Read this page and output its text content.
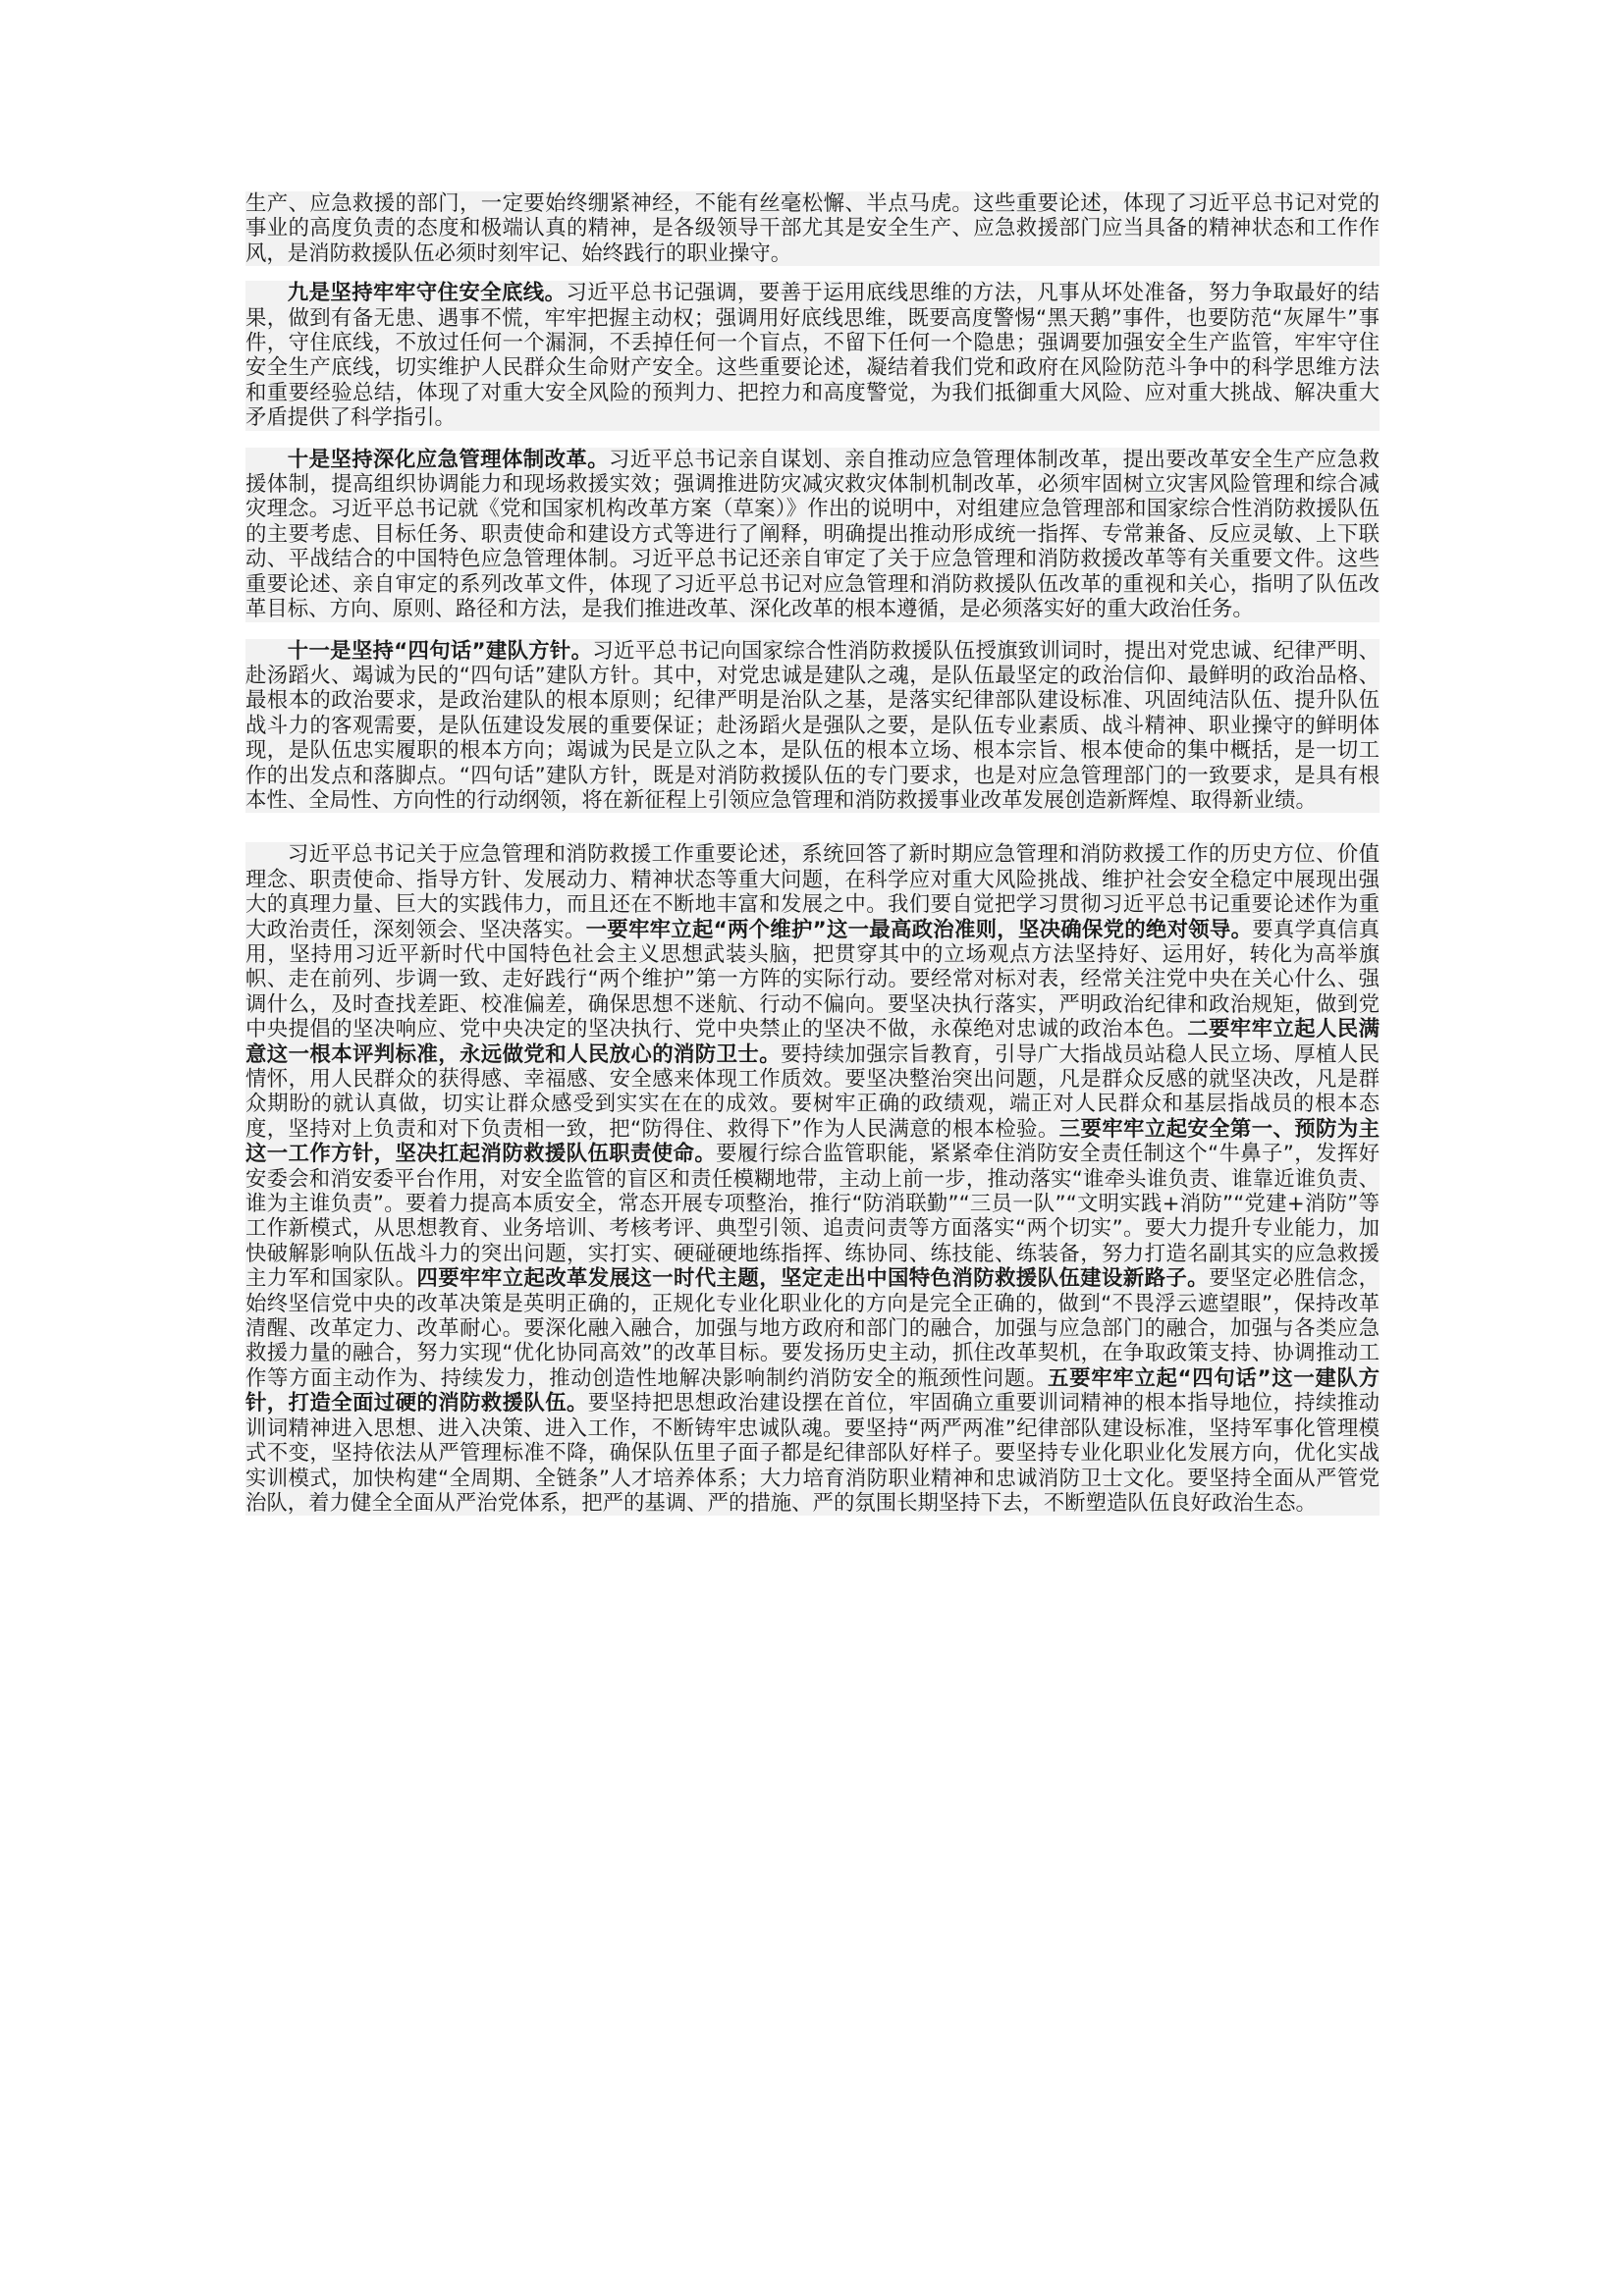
生产、应急救援的部门，一定要始终绷紧神经，不能有丝毫松懈、半点马虎。这些重要论述，体现了习近平总书记对党的事业的高度负责的态度和极端认真的精神，是各级领导干部尤其是安全生产、应急救援部门应当具备的精神状态和工作作风，是消防救援队伍必须时刻牢记、始终践行的职业操守。

九是坚持牢牢守住安全底线。习近平总书记强调，要善于运用底线思维的方法，凡事从坏处准备，努力争取最好的结果，做到有备无患、遇事不慌，牢牢把握主动权；强调用好底线思维，既要高度警惕“黑天鹅”事件，也要防范“灰犀牛”事件，守住底线，不放过任何一个漏洞，不丢掉任何一个盲点，不留下任何一个隐患；强调要加强安全生产监管，牢牢守住安全生产底线，切实维护人民群众生命财产安全。这些重要论述，凝结着我们党和政府在风险防范斗争中的科学思维方法和重要经验总结，体现了对重大安全风险的预判力、把控力和高度警觉，为我们抵御重大风险、应对重大挑战、解决重大矛盾提供了科学指引。

十是坚持深化应急管理体制改革。习近平总书记亲自谋划、亲自推动应急管理体制改革，提出要改革安全生产应急救援体制，提高组织协调能力和现场救援实效；强调推进防灾减灾救灾体制机制改革，必须牢固树立灾害风险管理和综合减灾理念。习近平总书记就《党和国家机构改革方案（草案）》作出的说明中，对组建应急管理部和国家综合性消防救援队伍的主要考虑、目标任务、职责使命和建设方式等进行了阐释，明确提出推动形成统一指挥、专常兼备、反应灵敏、上下联动、平战结合的中国特色应急管理体制。习近平总书记还亲自审定了关于应急管理和消防救援改革等有关重要文件。这些重要论述、亲自审定的系列改革文件，体现了习近平总书记对应急管理和消防救援队伍改革的重视和关心，指明了队伍改革目标、方向、原则、路径和方法，是我们推进改革、深化改革的根本遵循，是必须落实好的重大政治任务。

十一是坚持“四句话”建队方针。习近平总书记向国家综合性消防救援队伍授旗致训词时，提出对党忠诚、纪律严明、赴汤蹈火、竭诚为民的“四句话”建队方针。其中，对党忠诚是建队之魂，是队伍最坚定的政治信仰、最鲜明的政治品格、最根本的政治要求，是政治建队的根本原则；纪律严明是治队之基，是落实纪律部队建设标准、巩固纯洁队伍、提升队伍战斗力的客观需要，是队伍建设发展的重要保证；赴汤蹈火是强队之要，是队伍专业素质、战斗精神、职业操守的鲜明体现，是队伍忠实履职的根本方向；竭诚为民是立队之本，是队伍的根本立场、根本宗旨、根本使命的集中概括，是一切工作的出发点和落脚点。“四句话”建队方针，既是对消防救援队伍的专门要求，也是对应急管理部门的一致要求，是具有根本性、全局性、方向性的行动纲领，将在新征程上引领应急管理和消防救援事业改革发展创造新辉煌、取得新业绩。

习近平总书记关于应急管理和消防救援工作重要论述，系统回答了新时期应急管理和消防救援工作的历史方位、价值理念、职责使命、指导方针、发展动力、精神状态等重大问题，在科学应对重大风险挑战、维护社会安全稳定中展现出强大的真理力量、巨大的实践伟力，而且还在不断地丰富和发展之中。我们要自觉把学习贯彻习近平总书记重要论述作为重大政治责任，深刻领会、坚决落实。一要牢牢立起“两个维护”这一最高政治准则，坚决确保党的绝对领导。要真学真信真用，坚持用习近平新时代中国特色社会主义思想武装头脑，把贯穿其中的立场观点方法坚持好、运用好，转化为高举旗帜、走在前列、步调一致、走好践行“两个维护”第一方阵的实际行动。要经常对标对表，经常关注党中央在关心什么、强调什么，及时查找差距、校准偏差，确保思想不迷航、行动不偏向。要坚决执行落实，严明政治纪律和政治规矩，做到党中央提倡的坚决响应、党中央决定的坚决执行、党中央禁止的坚决不做，永葆绝对忠诚的政治本色。二要牢牢立起人民满意这一根本评判标准，永远做党和人民放心的消防卫士。要持续加强宗旨教育，引导广大指战员站稳人民立场、厚植人民情怀，用人民群众的获得感、幸福感、安全感来体现工作质效。要坚决整治突出问题，凡是群众反感的就坚决改，凡是群众期盼的就认真做，切实让群众感受到实实在在的成效。要树牢正确的政绩观，端正对人民群众和基层指战员的根本态度，坚持对上负责和对下负责相一致，把“防得住、救得下”作为人民满意的根本检验。三要牢牢立起安全第一、预防为主这一工作方针，坚决扛起消防救援队伍职责使命。要履行综合监管职能，紧紧牵住消防安全责任制这个“牛鼻子”，发挥好安委会和消安委平台作用，对安全监管的盲区和责任模糊地带，主动上前一步，推动落实“谁牵头谁负责、谁靠近谁负责、谁为主谁负责”。要着力提高本质安全，常态开展专项整治，推行“防消联勤”“三员一队”“文明实践+消防”“党建+消防”等工作新模式，从思想教育、业务培训、考核考评、典型引领、追责问责等方面落实“两个切实”。要大力提升专业能力，加快破解影响队伍战斗力的突出问题，实打实、硬碰硬地练指挥、练协同、练技能、练装备，努力打造名副其实的应急救援主力军和国家队。四要牢牢立起改革发展这一时代主题，坚定走出中国特色消防救援队伍建设新路子。要坚定必胜信念，始终坚信党中央的改革决策是英明正确的，正规化专业化职业化的方向是完全正确的，做到“不畏浮云遮望眼”，保持改革清醒、改革定力、改革耐心。要深化融入融合，加强与地方政府和部门的融合，加强与应急部门的融合，加强与各类应急救援力量的融合，努力实现“优化协同高效”的改革目标。要发扬历史主动，抓住改革契机，在争取政策支持、协调推动工作等方面主动作为、持续发力，推动创造性地解决影响制约消防安全的瓶颈性问题。五要牢牢立起“四句话”这一建队方针，打造全面过硬的消防救援队伍。要坚持把思想政治建设摆在首位，牢固确立重要训词精神的根本指导地位，持续推动训词精神进入思想、进入决策、进入工作，不断铸牢忠诚队魂。要坚持“两严两准”纪律部队建设标准，坚持军事化管理模式不变，坚持依法从严管理标准不降，确保队伍里子面子都是纪律部队好样子。要坚持专业化职业化发展方向，优化实战实训模式，加快构建“全周期、全链条”人才培养体系；大力培育消防职业精神和忠诚消防卫士文化。要坚持全面从严管党治队，着力健全全面从严治党体系，把严的基调、严的措施、严的氛围长期坚持下去，不断塑造队伍良好政治生态。
